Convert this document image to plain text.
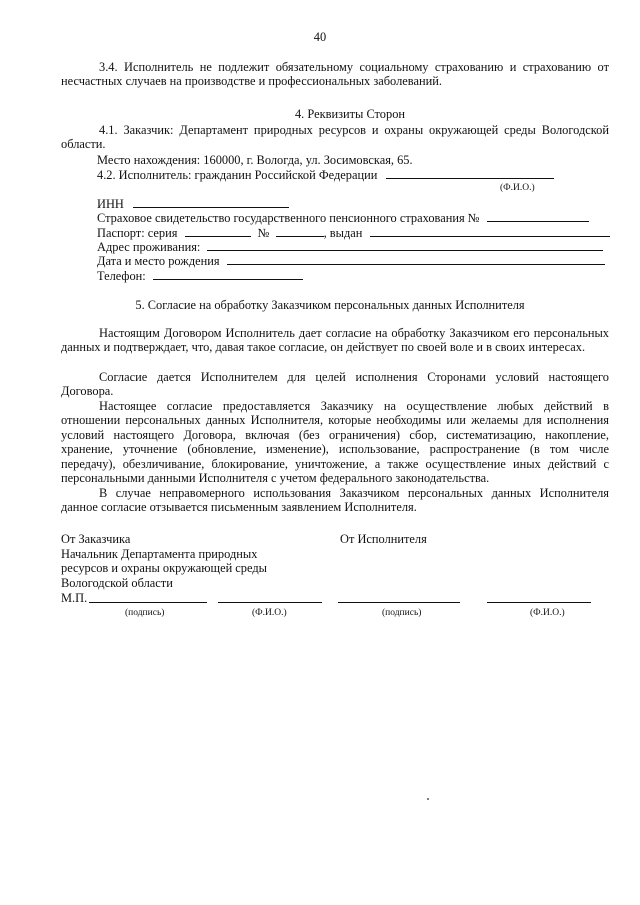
40
3.4. Исполнитель не подлежит обязательному социальному страхованию и страхованию от несчастных случаев на производстве и профессиональных заболеваний.
4. Реквизиты Сторон
4.1. Заказчик: Департамент природных ресурсов и охраны окружающей среды Вологодской области.
Место нахождения: 160000, г. Вологда, ул. Зосимовская, 65.
4.2. Исполнитель: гражданин Российской Федерации
(Ф.И.О.)
ИНН
Страховое свидетельство государственного пенсионного страхования №
Паспорт: серия	№	, выдан
Адрес проживания:
Дата и место рождения
Телефон:
5. Согласие на обработку Заказчиком персональных данных Исполнителя
Настоящим Договором Исполнитель дает согласие на обработку Заказчиком его персональных данных и подтверждает, что, давая такое согласие, он действует по своей воле и в своих интересах.
Согласие дается Исполнителем для целей исполнения Сторонами условий настоящего Договора.
Настоящее согласие предоставляется Заказчику на осуществление любых действий в отношении персональных данных Исполнителя, которые необходимы или желаемы для исполнения условий настоящего Договора, включая (без ограничения) сбор, систематизацию, накопление, хранение, уточнение (обновление, изменение), использование, распространение (в том числе передачу), обезличивание, блокирование, уничтожение, а также осуществление иных действий с персональными данными Исполнителя с учетом федерального законодательства.
В случае неправомерного использования Заказчиком персональных данных Исполнителя данное согласие отзывается письменным заявлением Исполнителя.
От Заказчика	От Исполнителя
Начальник Департамента природных
ресурсов и охраны окружающей среды
Вологодской области
М.П.

(подпись)	(Ф.И.О.)	(подпись)	(Ф.И.О.)
